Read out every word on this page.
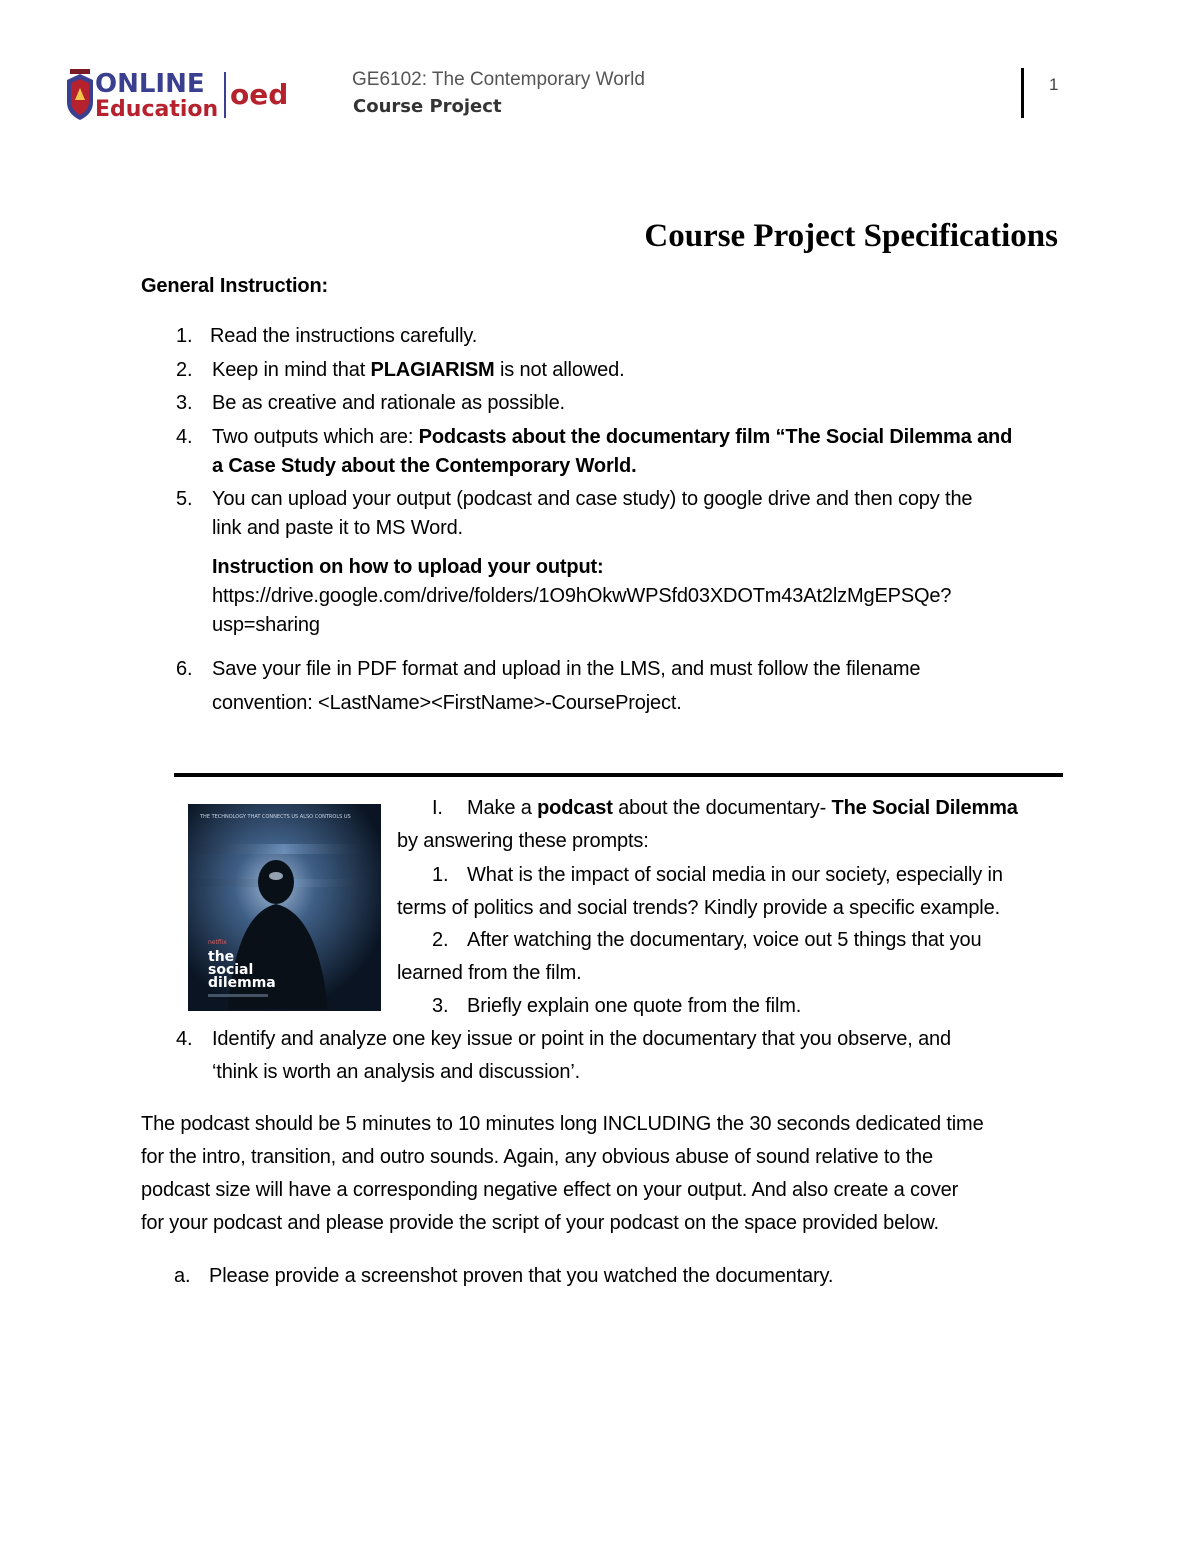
ONLINE
Education oed	GE6102: The Contemporary World
Course Project
1
Course Project Specifications
General Instruction:
1. Read the instructions carefully.
2. Keep in mind that PLAGIARISM is not allowed.
3. Be as creative and rationale as possible.
4. Two outputs which are: Podcasts about the documentary film “The Social Dilemma and
a Case Study about the Contemporary World.
5. You can upload your output (podcast and case study) to google drive and then copy the
link and paste it to MS Word.
Instruction on how to upload your output:
https://drive.google.com/drive/folders/1O9hOkwWPSfd03XDOTm43At2lzMgEPSQe?
usp=sharing
6. Save your file in PDF format and upload in the LMS, and must follow the filename
convention: <LastName><FirstName>-CourseProject.
THE TECHNOLOGY THAT CONNECTS US ALSO CONTROLS US
netflix
the
social
dilemma
I. Make a podcast about the documentary- The Social Dilemma
by answering these prompts:
1. What is the impact of social media in our society, especially in
terms of politics and social trends? Kindly provide a specific example.
2. After watching the documentary, voice out 5 things that you
learned from the film.
3. Briefly explain one quote from the film.
4. Identify and analyze one key issue or point in the documentary that you observe, and
‘think is worth an analysis and discussion’.
The podcast should be 5 minutes to 10 minutes long INCLUDING the 30 seconds dedicated time
for the intro, transition, and outro sounds. Again, any obvious abuse of sound relative to the
podcast size will have a corresponding negative effect on your output. And also create a cover
for your podcast and please provide the script of your podcast on the space provided below.
a. Please provide a screenshot proven that you watched the documentary.
